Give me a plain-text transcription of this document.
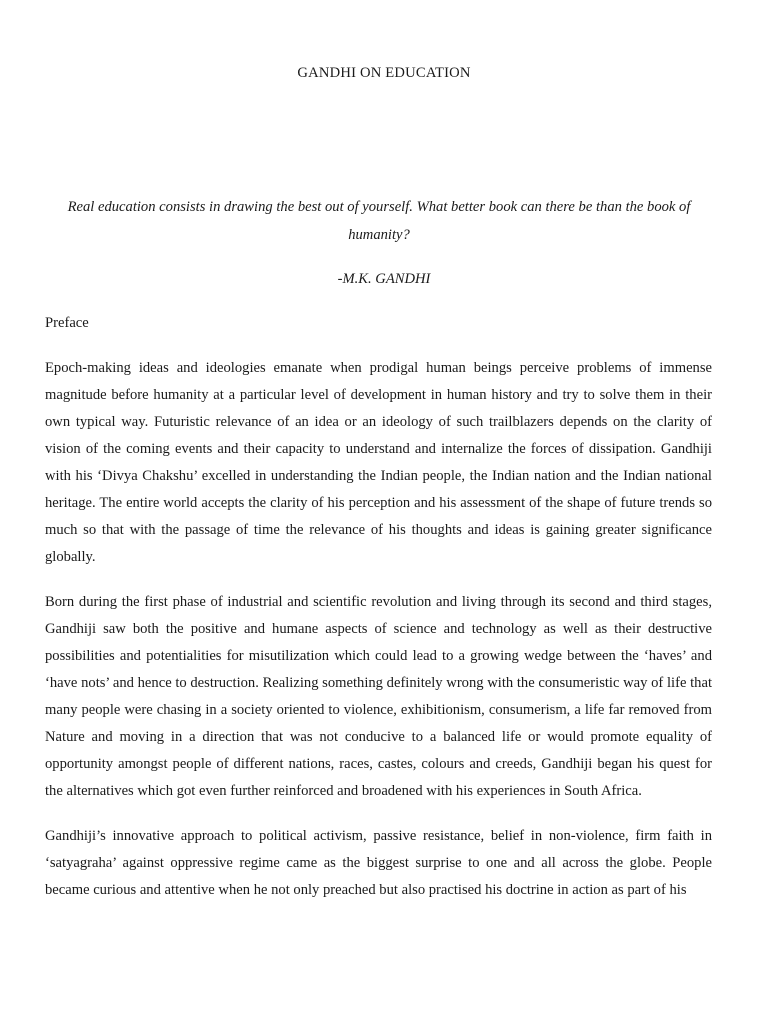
GANDHI ON EDUCATION
Real education consists in drawing the best out of yourself. What better book can there be than the book of humanity?
-M.K. GANDHI
Preface

Epoch-making ideas and ideologies emanate when prodigal human beings perceive problems of immense magnitude before humanity at a particular level of development in human history and try to solve them in their own typical way. Futuristic relevance of an idea or an ideology of such trailblazers depends on the clarity of vision of the coming events and their capacity to understand and internalize the forces of dissipation. Gandhiji with his ‘Divya Chakshu’ excelled in understanding the Indian people, the Indian nation and the Indian national heritage. The entire world accepts the clarity of his perception and his assessment of the shape of future trends so much so that with the passage of time the relevance of his thoughts and ideas is gaining greater significance globally.

Born during the first phase of industrial and scientific revolution and living through its second and third stages, Gandhiji saw both the positive and humane aspects of science and technology as well as their destructive possibilities and potentialities for misutilization which could lead to a growing wedge between the ‘haves’ and ‘have nots’ and hence to destruction. Realizing something definitely wrong with the consumeristic way of life that many people were chasing in a society oriented to violence, exhibitionism, consumerism, a life far removed from Nature and moving in a direction that was not conducive to a balanced life or would promote equality of opportunity amongst people of different nations, races, castes, colours and creeds, Gandhiji began his quest for the alternatives which got even further reinforced and broadened with his experiences in South Africa.

Gandhiji’s innovative approach to political activism, passive resistance, belief in non-violence, firm faith in ‘satyagraha’ against oppressive regime came as the biggest surprise to one and all across the globe. People became curious and attentive when he not only preached but also practised his doctrine in action as part of his
